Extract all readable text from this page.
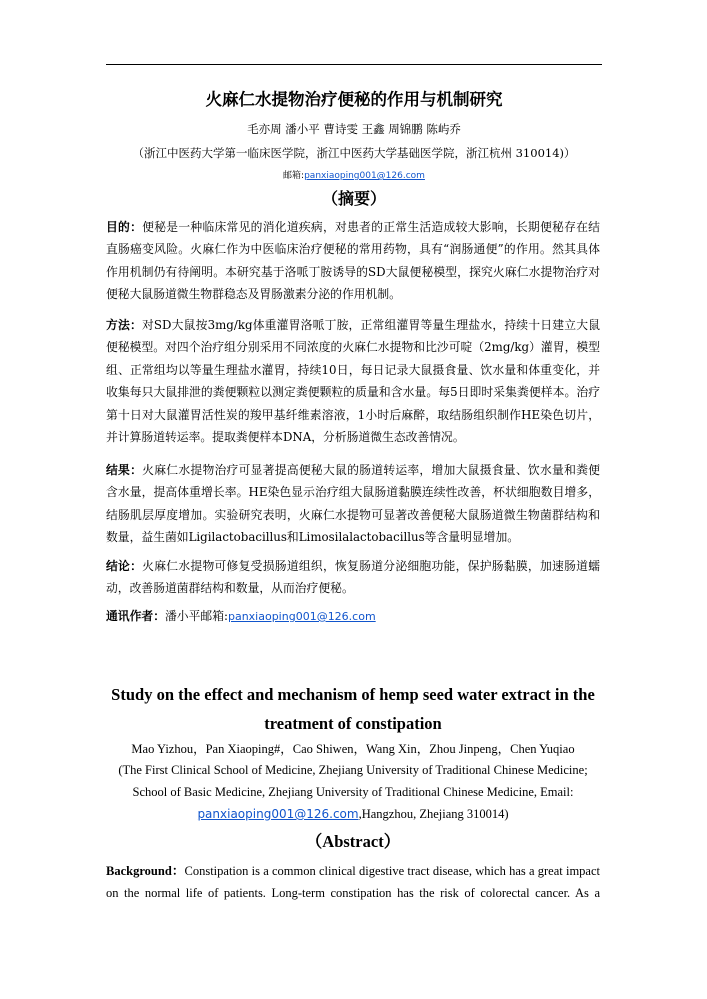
火麻仁水提物治疗便秘的作用与机制研究
毛亦周 潘小平 曹诗雯 王鑫 周锦鹏 陈屿乔
（浙江中医药大学第一临床医学院，浙江中医药大学基础医学院，浙江杭州 310014)）
邮箱:panxiaoping001@126.com
（摘要）
目的：便秘是一种临床常见的消化道疾病，对患者的正常生活造成较大影响，长期便秘存在结直肠癌变风险。火麻仁作为中医临床治疗便秘的常用药物，具有“润肠通便”的作用。然其具体作用机制仍有待阐明。本研究基于洛哌丁胺诱导的SD大鼠便秘模型，探究火麻仁水提物治疗对便秘大鼠肠道微生物群稳态及胃肠激素分泌的作用机制。
方法：对SD大鼠按3mg/kg体重灌胃洛哌丁胺，正常组灌胃等量生理盐水，持续十日建立大鼠便秘模型。对四个治疗组分别采用不同浓度的火麻仁水提物和比沙可啶（2mg/kg）灌胃，模型组、正常组均以等量生理盐水灌胃，持续10日，每日记录大鼠摄食量、饮水量和体重变化，并收集每只大鼠排泄的粪便颗粒以测定粪便颗粒的质量和含水量。每5日即时采集粪便样本。治疗第十日对大鼠灌胃活性炭的羧甲基纤维素溶液，1小时后麻醉，取结肠组织制作HE染色切片，并计算肠道转运率。提取粪便样本DNA，分析肠道微生态改善情况。
结果：火麻仁水提物治疗可显著提高便秘大鼠的肠道转运率，增加大鼠摄食量、饮水量和粪便含水量，提高体重增长率。HE染色显示治疗组大鼠肠道黏膜连续性改善，杯状细胞数目增多，结肠肌层厚度增加。实验研究表明，火麻仁水提物可显著改善便秘大鼠肠道微生物菌群结构和数量，益生菌如Ligilactobacillus和Limosilalactobacillus等含量明显增加。
结论：火麻仁水提物可修复受损肠道组织，恢复肠道分泌细胞功能，保护肠黏膜，加速肠道蠕动，改善肠道菌群结构和数量，从而治疗便秘。
通讯作者：潘小平邮箱:panxiaoping001@126.com
Study on the effect and mechanism of hemp seed water extract in the treatment of constipation
Mao Yizhou，Pan Xiaoping#，Cao Shiwen，Wang Xin，Zhou Jinpeng，Chen Yuqiao
(The First Clinical School of Medicine, Zhejiang University of Traditional Chinese Medicine;
School of Basic Medicine, Zhejiang University of Traditional Chinese Medicine, Email:
panxiaoping001@126.com,Hangzhou, Zhejiang 310014)
（Abstract）
Background：Constipation is a common clinical digestive tract disease, which has a great impact on the normal life of patients. Long-term constipation has the risk of colorectal cancer. As a
